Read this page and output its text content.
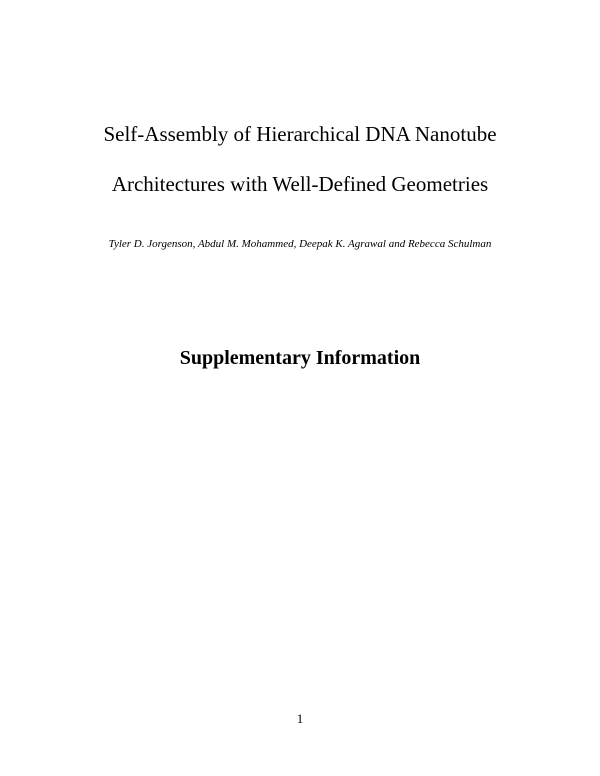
Self-Assembly of Hierarchical DNA Nanotube
Architectures with Well-Defined Geometries
Tyler D. Jorgenson, Abdul M. Mohammed, Deepak K. Agrawal and Rebecca Schulman
Supplementary Information
1
